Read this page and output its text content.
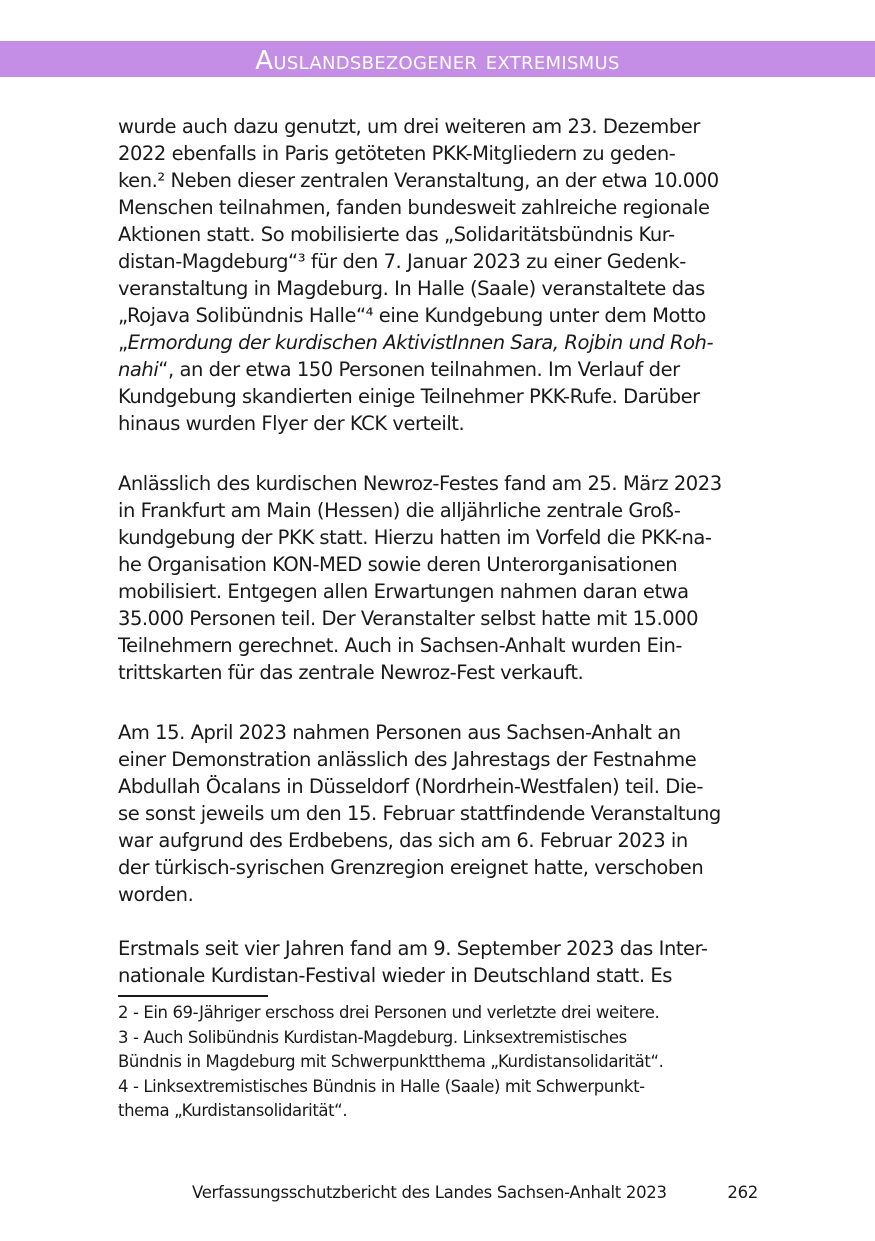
Auslandsbezogener extremismus
wurde auch dazu genutzt, um drei weiteren am 23. Dezember
2022 ebenfalls in Paris getöteten PKK-Mitgliedern zu geden-
ken.² Neben dieser zentralen Veranstaltung, an der etwa 10.000
Menschen teilnahmen, fanden bundesweit zahlreiche regionale
Aktionen statt. So mobilisierte das „Solidaritätsbündnis Kur-
distan-Magdeburg“³ für den 7. Januar 2023 zu einer Gedenk-
veranstaltung in Magdeburg. In Halle (Saale) veranstaltete das
„Rojava Solibündnis Halle“⁴ eine Kundgebung unter dem Motto
„Ermordung der kurdischen AktivistInnen Sara, Rojbin und Roh-
nahi“, an der etwa 150 Personen teilnahmen. Im Verlauf der
Kundgebung skandierten einige Teilnehmer PKK-Rufe. Darüber
hinaus wurden Flyer der KCK verteilt.
Anlässlich des kurdischen Newroz-Festes fand am 25. März 2023
in Frankfurt am Main (Hessen) die alljährliche zentrale Groß-
kundgebung der PKK statt. Hierzu hatten im Vorfeld die PKK-na-
he Organisation KON-MED sowie deren Unterorganisationen
mobilisiert. Entgegen allen Erwartungen nahmen daran etwa
35.000 Personen teil. Der Veranstalter selbst hatte mit 15.000
Teilnehmern gerechnet. Auch in Sachsen-Anhalt wurden Ein-
trittskarten für das zentrale Newroz-Fest verkauft.
Am 15. April 2023 nahmen Personen aus Sachsen-Anhalt an
einer Demonstration anlässlich des Jahrestags der Festnahme
Abdullah Öcalans in Düsseldorf (Nordrhein-Westfalen) teil. Die-
se sonst jeweils um den 15. Februar stattfindende Veranstaltung
war aufgrund des Erdbebens, das sich am 6. Februar 2023 in
der türkisch-syrischen Grenzregion ereignet hatte, verschoben
worden.
Erstmals seit vier Jahren fand am 9. September 2023 das Inter-
nationale Kurdistan-Festival wieder in Deutschland statt. Es
2 - Ein 69-Jähriger erschoss drei Personen und verletzte drei weitere.
3 - Auch Solibündnis Kurdistan-Magdeburg. Linksextremistisches
Bündnis in Magdeburg mit Schwerpunktthema „Kurdistansolidarität“.
4 - Linksextremistisches Bündnis in Halle (Saale) mit Schwerpunkt-
thema „Kurdistansolidarität“.
Verfassungsschutzbericht des Landes Sachsen-Anhalt 2023	262
